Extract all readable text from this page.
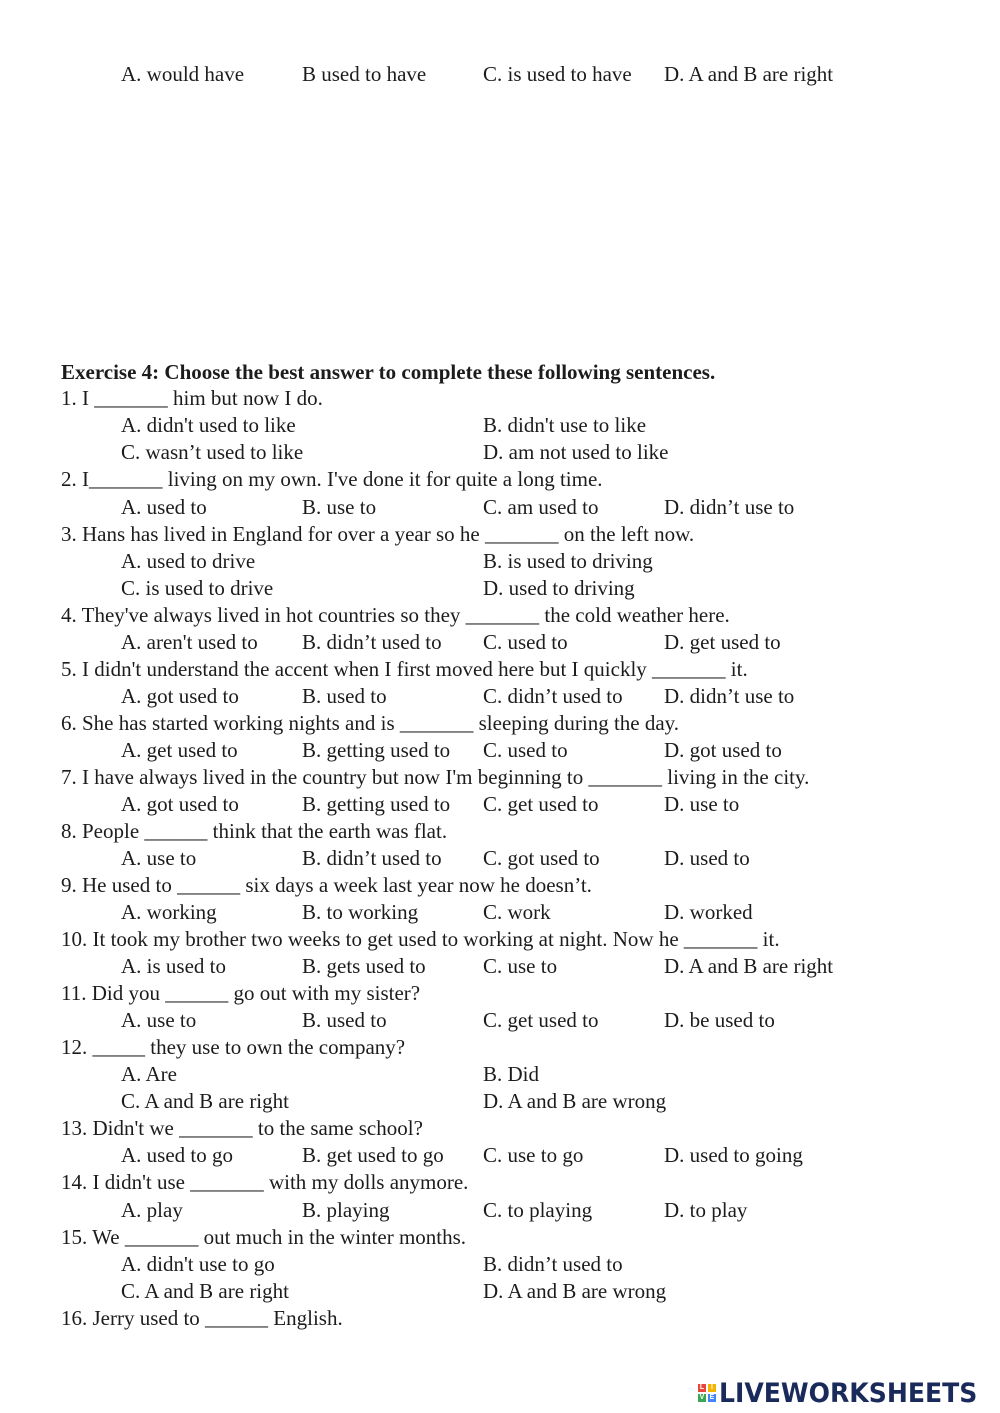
A. would have	B used to have	C. is used to have D. A and B are right
Exercise 4: Choose the best answer to complete these following sentences.
1. I _______ him but now I do.
A. didn't used to like	B. didn't use to like
C. wasn’t used to like	D. am not used to like
2. I_______ living on my own. I've done it for quite a long time.
A. used to	B. use to	C. am used to	D. didn’t use to
3. Hans has lived in England for over a year so he _______ on the left now.
A. used to drive	B. is used to driving
C. is used to drive	D. used to driving
4. They've always lived in hot countries so they _______ the cold weather here.
A. aren't used to B. didn’t used to C. used to	D. get used to
5. I didn't understand the accent when I first moved here but I quickly _______ it.
A. got used to	B. used to	C. didn’t used to D. didn’t use to
6. She has started working nights and is _______ sleeping during the day.
A. get used to	B. getting used to C. used to	D. got used to
7. I have always lived in the country but now I'm beginning to _______ living in the city.
A. got used to	B. getting used to C. get used to	D. use to
8. People ______ think that the earth was flat.
A. use to	B. didn’t used to C. got used to	D. used to
9. He used to ______ six days a week last year now he doesn’t.
A. working	B. to working	C. work	D. worked
10. It took my brother two weeks to get used to working at night. Now he _______ it.
A. is used to	B. gets used to	C. use to	D. A and B are right
11. Did you ______ go out with my sister?
A. use to	B. used to	C. get used to	D. be used to
12. _____ they use to own the company?
A. Are	B. Did
C. A and B are right	D. A and B are wrong
13. Didn't we _______ to the same school?
A. used to go	B. get used to go C. use to go	D. used to going
14. I didn't use _______ with my dolls anymore.
A. play	B. playing	C. to playing	D. to play
15. We _______ out much in the winter months.
A. didn't use to go	B. didn’t used to
C. A and B are right	D. A and B are wrong
16. Jerry used to ______ English.
L I
V E LIVEWORKSHEETS
